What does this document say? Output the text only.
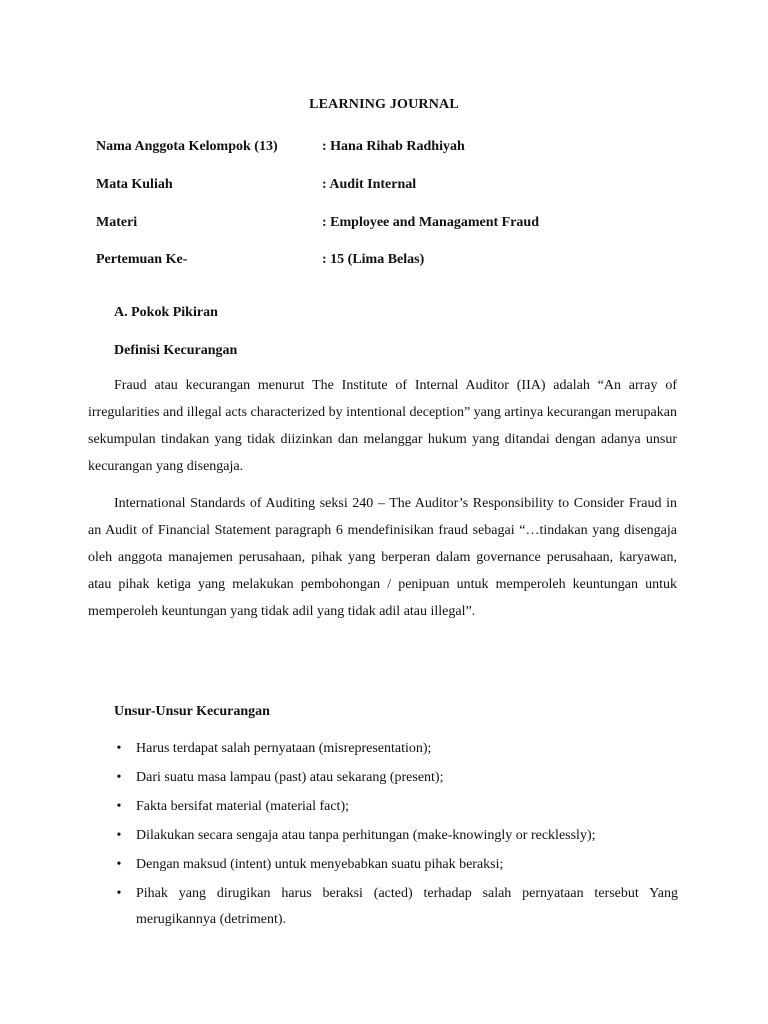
LEARNING JOURNAL
Nama Anggota Kelompok (13)	: Hana Rihab Radhiyah
Mata Kuliah	: Audit Internal
Materi	: Employee and Managament Fraud
Pertemuan Ke-	: 15 (Lima Belas)
A. Pokok Pikiran
Definisi Kecurangan

Fraud atau kecurangan menurut The Institute of Internal Auditor (IIA) adalah “An array of irregularities and illegal acts characterized by intentional deception” yang artinya kecurangan merupakan sekumpulan tindakan yang tidak diizinkan dan melanggar hukum yang ditandai dengan adanya unsur kecurangan yang disengaja.

International Standards of Auditing seksi 240 – The Auditor’s Responsibility to Consider Fraud in an Audit of Financial Statement paragraph 6 mendefinisikan fraud sebagai “…tindakan yang disengaja oleh anggota manajemen perusahaan, pihak yang berperan dalam governance perusahaan, karyawan, atau pihak ketiga yang melakukan pembohongan / penipuan untuk memperoleh keuntungan untuk memperoleh keuntungan yang tidak adil yang tidak adil atau illegal”.

Unsur-Unsur Kecurangan
•	Harus terdapat salah pernyataan (misrepresentation);
•	Dari suatu masa lampau (past) atau sekarang (present);
•	Fakta bersifat material (material fact);
•	Dilakukan secara sengaja atau tanpa perhitungan (make-knowingly or recklessly);
•	Dengan maksud (intent) untuk menyebabkan suatu pihak beraksi;
•	Pihak yang dirugikan harus beraksi (acted) terhadap salah pernyataan tersebut Yang merugikannya (detriment).
